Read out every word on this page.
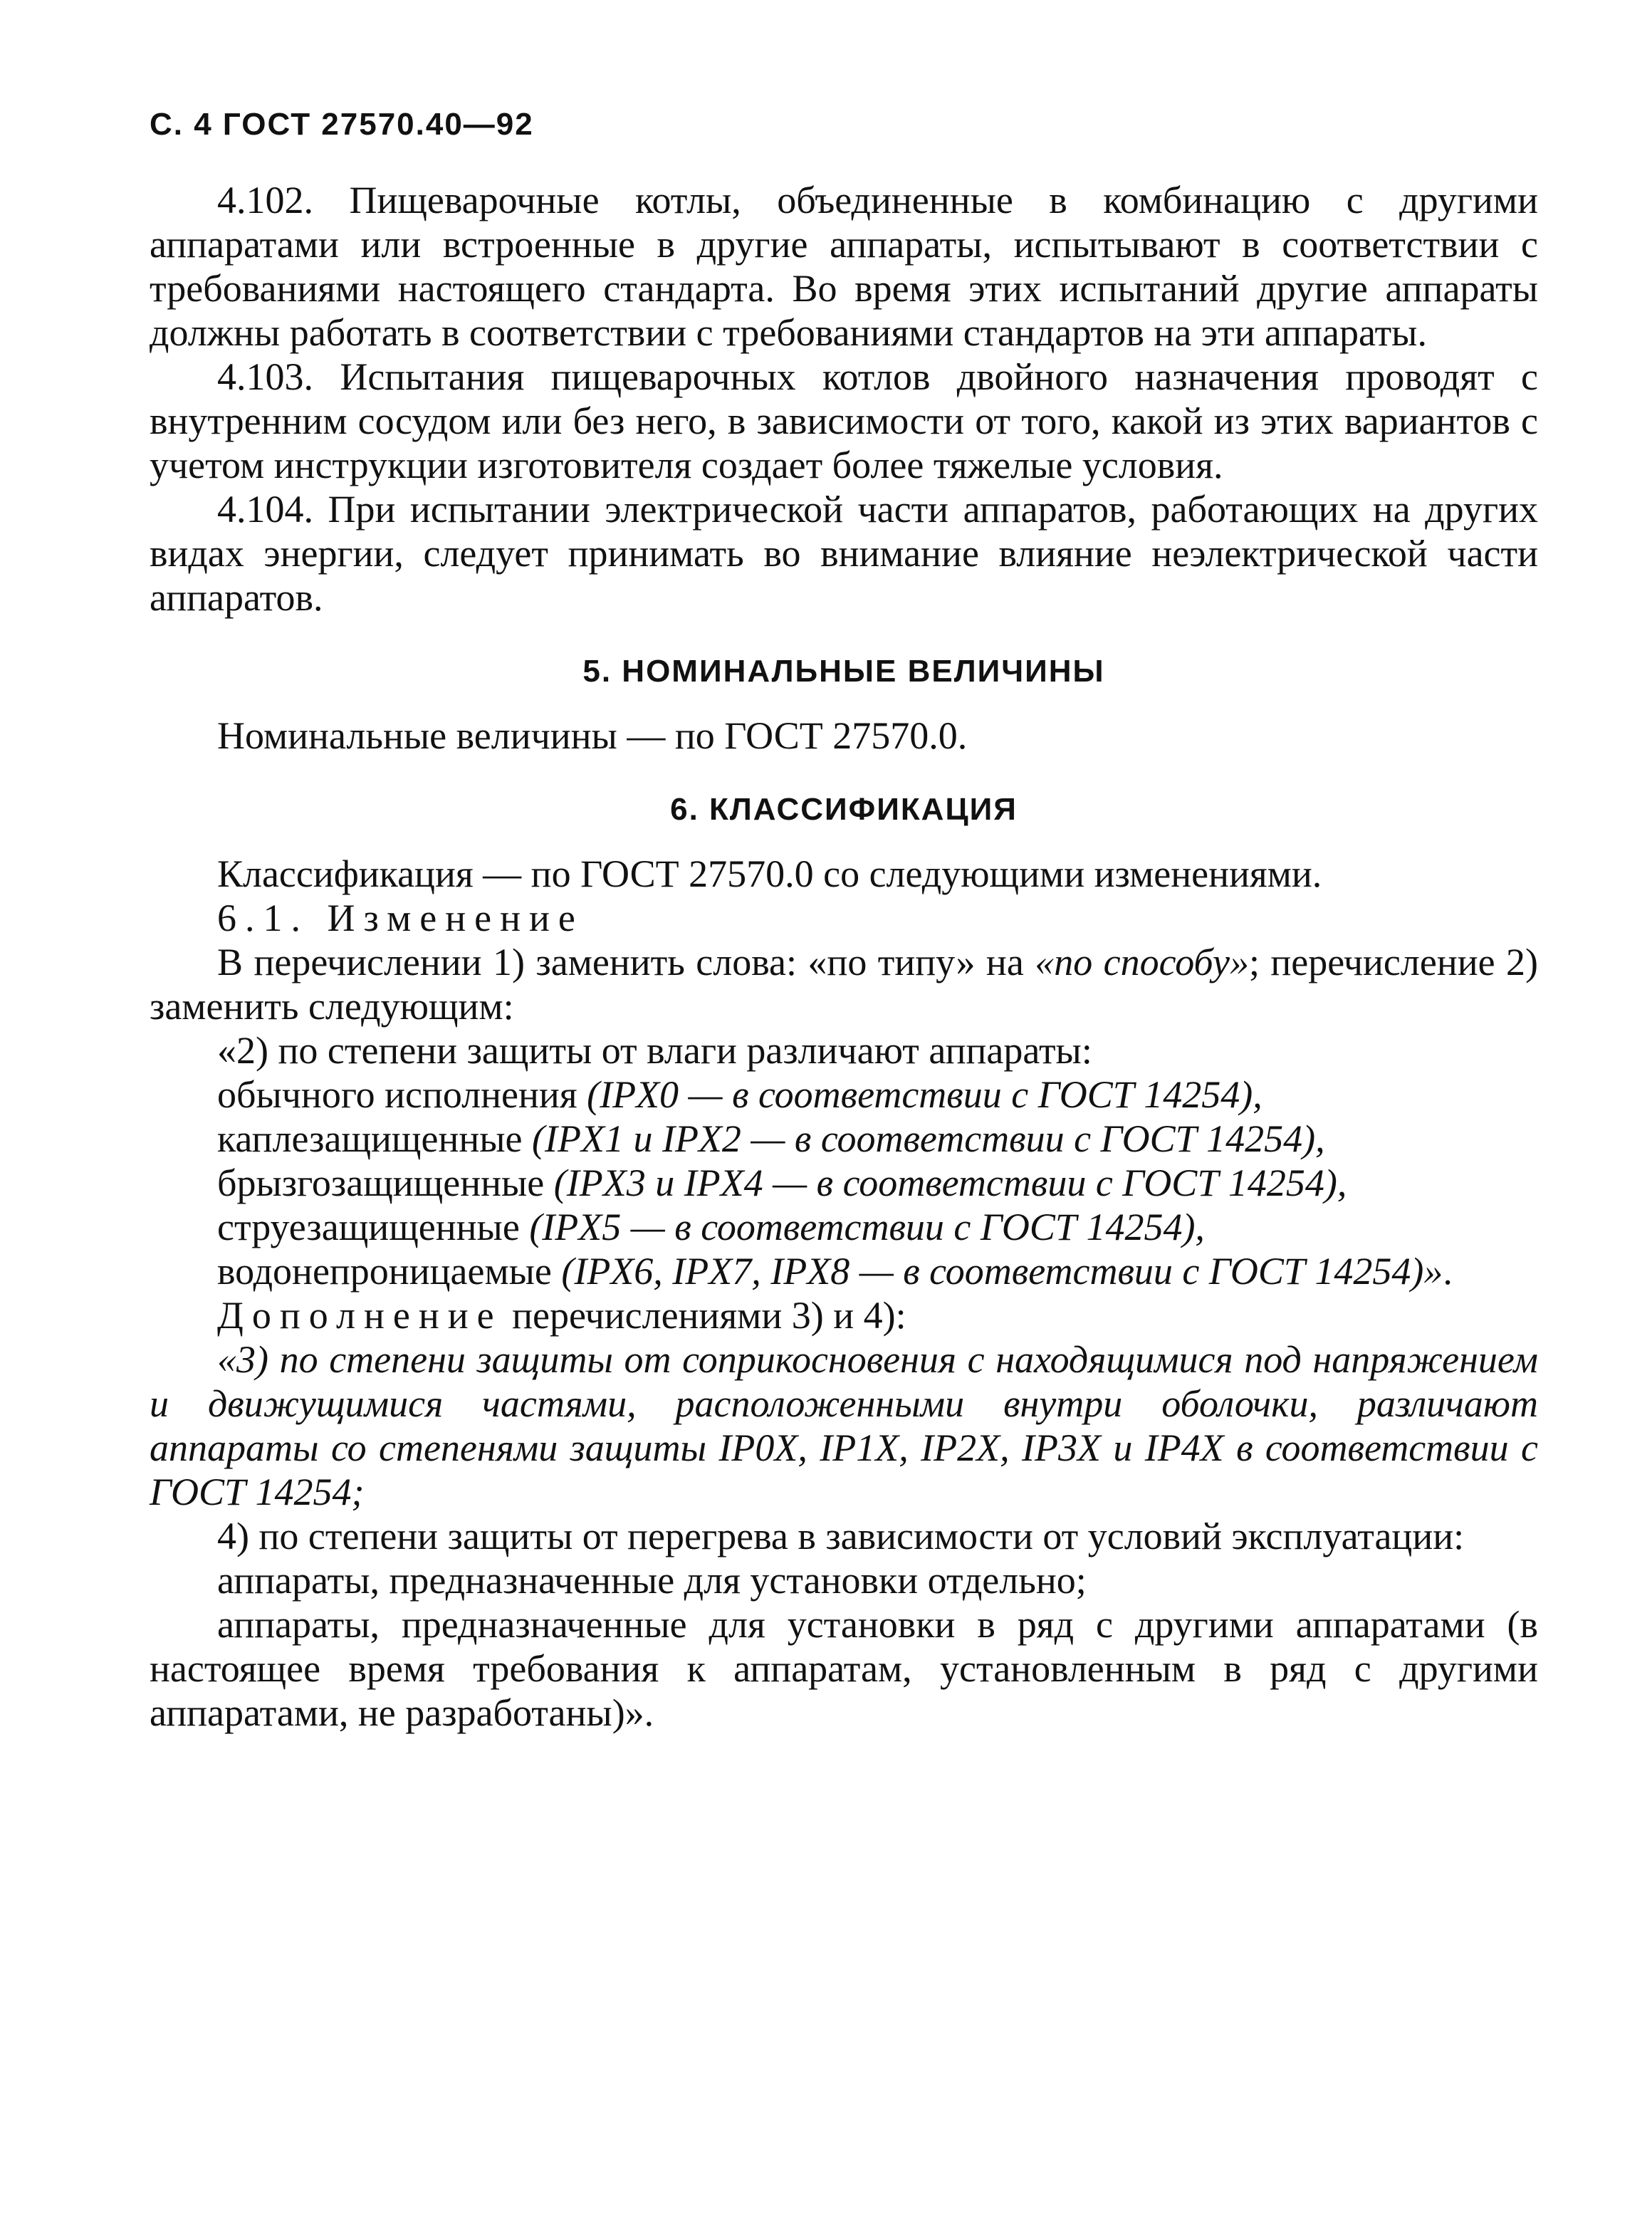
С. 4 ГОСТ 27570.40—92

4.102. Пищеварочные котлы, объединенные в комбинацию с другими аппаратами или встроенные в другие аппараты, испытывают в соответствии с требованиями настоящего стандарта. Во время этих испытаний другие аппараты должны работать в соответствии с требованиями стандартов на эти аппараты.

4.103. Испытания пищеварочных котлов двойного назначения проводят с внутренним сосудом или без него, в зависимости от того, какой из этих вариантов с учетом инструкции изготовителя создает более тяжелые условия.

4.104. При испытании электрической части аппаратов, работающих на других видах энергии, следует принимать во внимание влияние неэлектрической части аппаратов.

5. НОМИНАЛЬНЫЕ ВЕЛИЧИНЫ

Номинальные величины — по ГОСТ 27570.0.

6. КЛАССИФИКАЦИЯ

Классификация — по ГОСТ 27570.0 со следующими изменениями.

6.1. Изменение

В перечислении 1) заменить слова: «по типу» на «по способу»; перечисление 2) заменить следующим:

«2) по степени защиты от влаги различают аппараты:

обычного исполнения (IPX0 — в соответствии с ГОСТ 14254),

каплезащищенные (IPX1 и IPX2 — в соответствии с ГОСТ 14254),

брызгозащищенные (IPX3 и IPX4 — в соответствии с ГОСТ 14254),

струезащищенные (IPX5 — в соответствии с ГОСТ 14254),

водонепроницаемые (IPX6, IPX7, IPX8 — в соответствии с ГОСТ 14254)».

Дополнение перечислениями 3) и 4):

«3) по степени защиты от соприкосновения с находящимися под напряжением и движущимися частями, расположенными внутри оболочки, различают аппараты со степенями защиты IP0X, IP1X, IP2X, IP3X и IP4X в соответствии с ГОСТ 14254;

4) по степени защиты от перегрева в зависимости от условий эксплуатации:

аппараты, предназначенные для установки отдельно;

аппараты, предназначенные для установки в ряд с другими аппаратами (в настоящее время требования к аппаратам, установленным в ряд с другими аппаратами, не разработаны)».
